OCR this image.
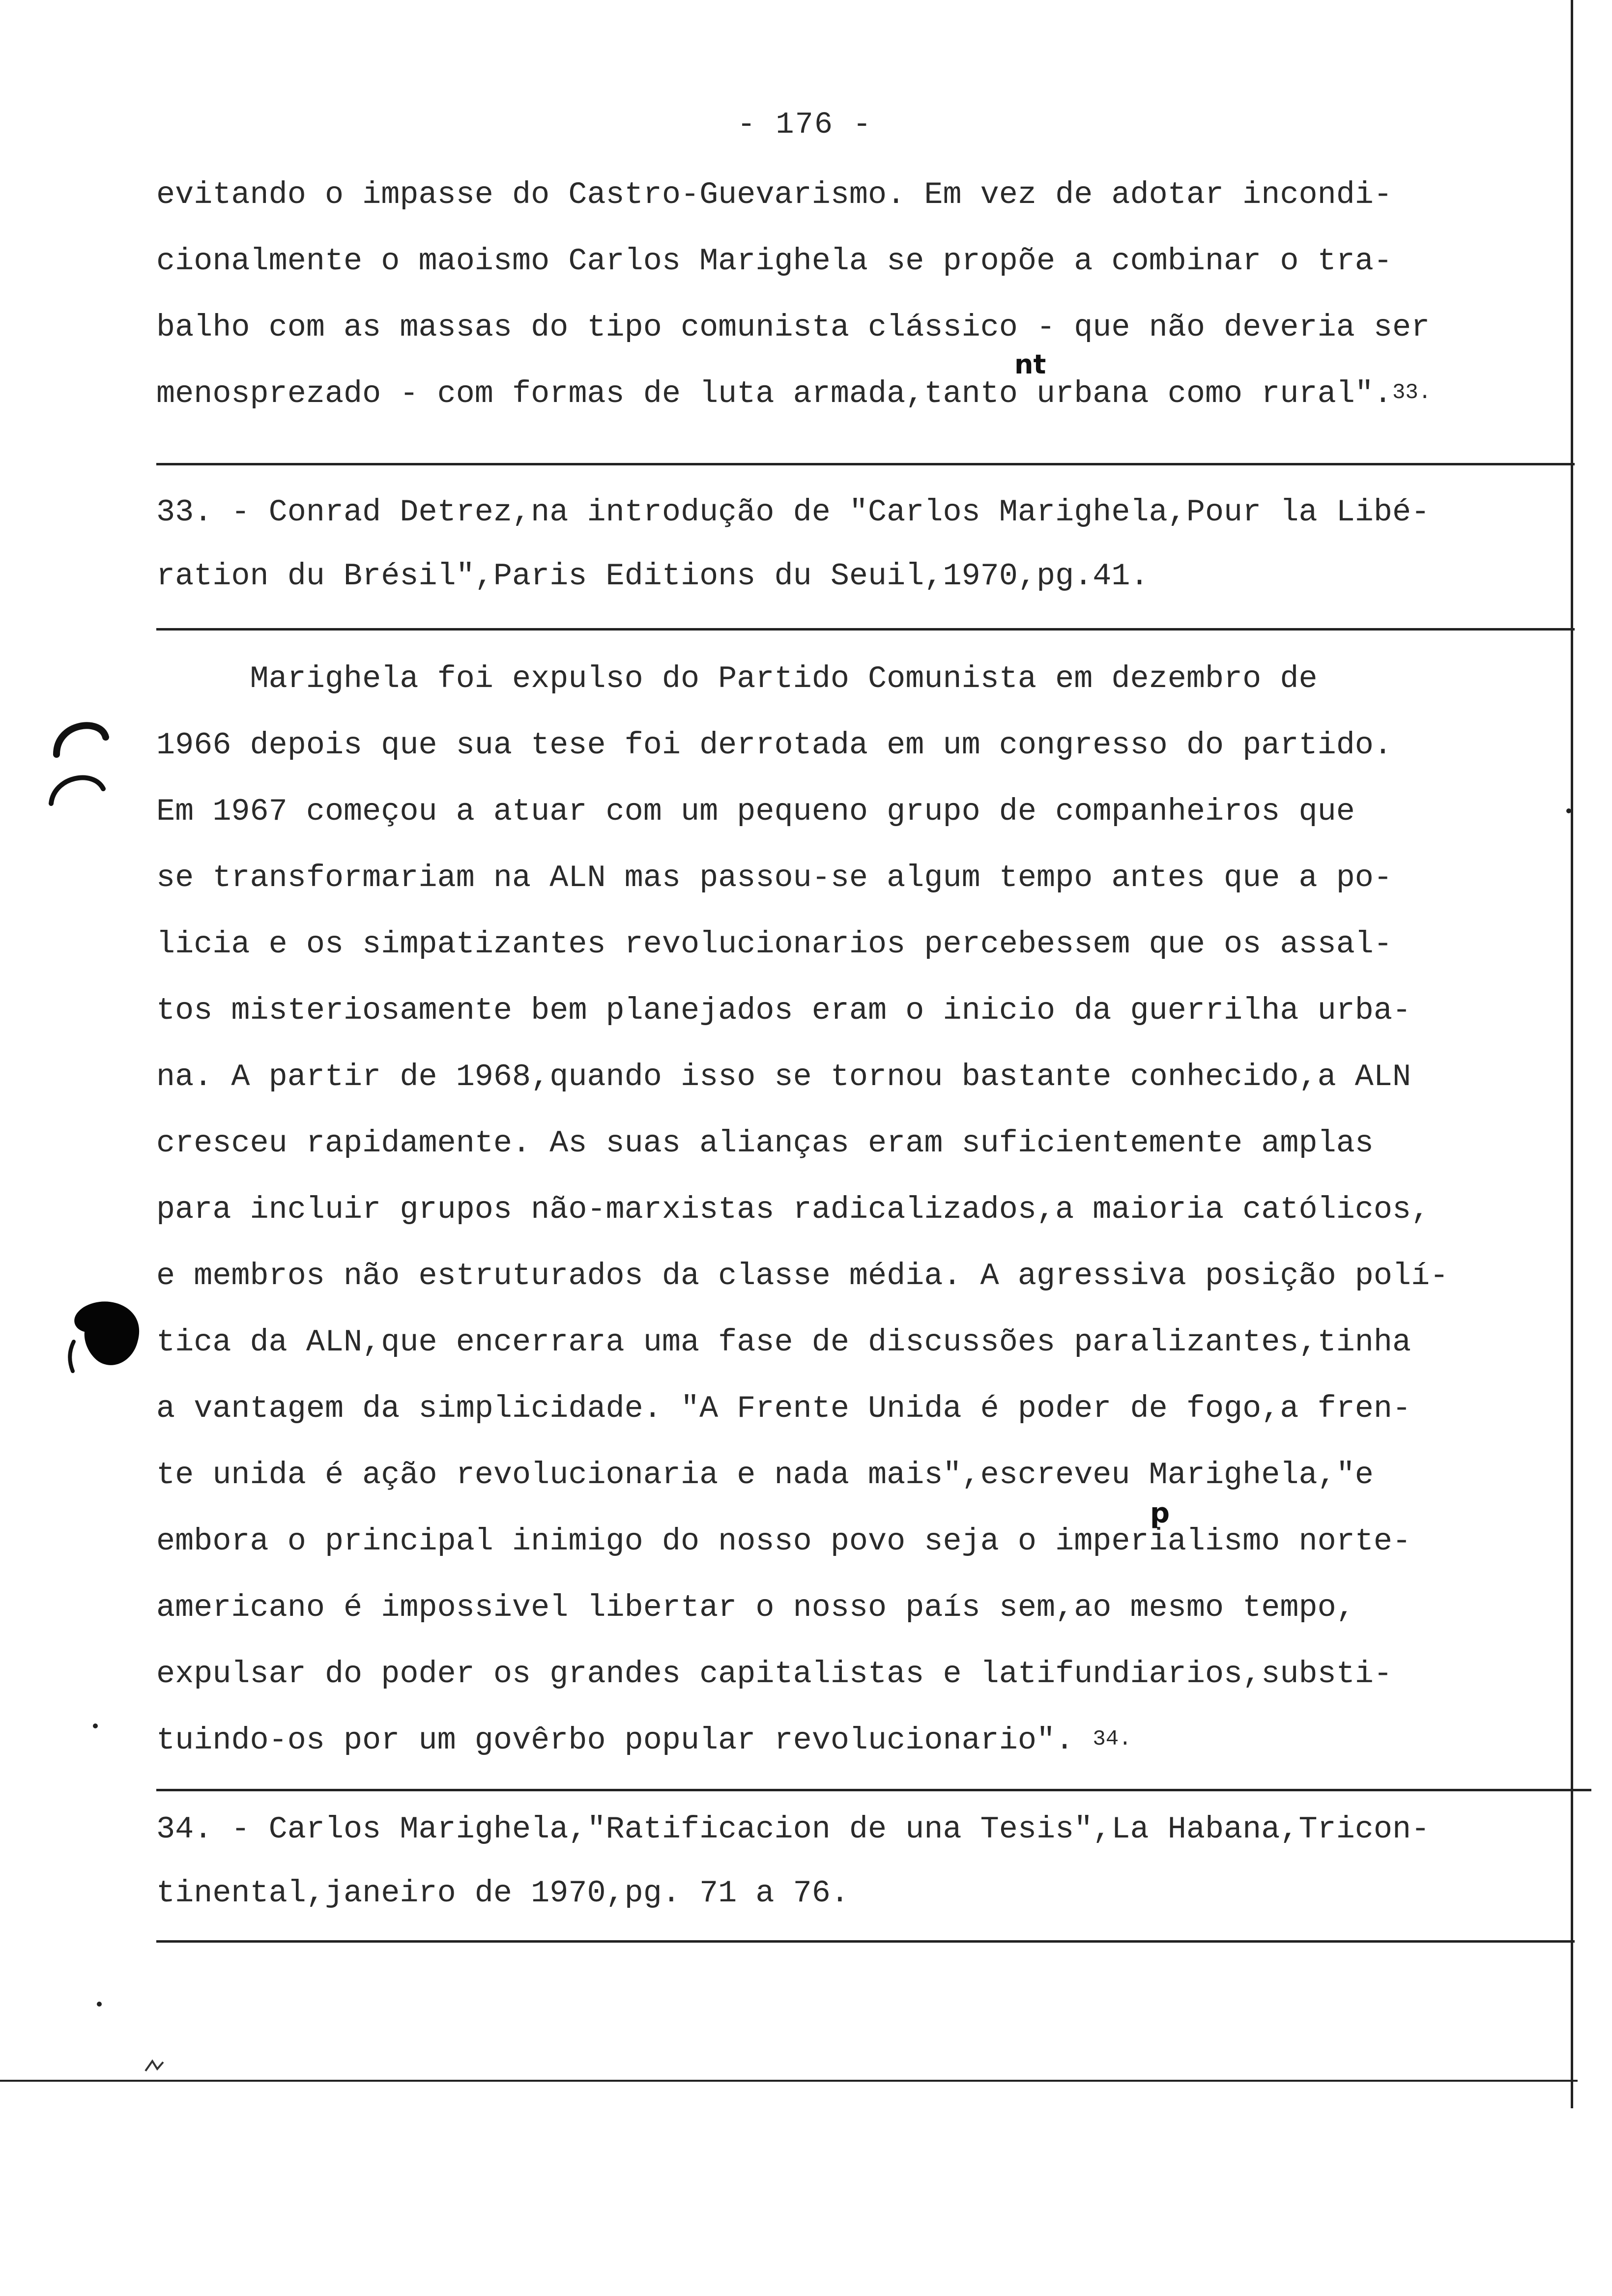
- 176 -
evitando o impasse do Castro-Guevarismo. Em vez de adotar incondi-
cionalmente o maoismo Carlos Marighela se propõe a combinar o tra-
balho com as massas do tipo comunista clássico - que não deveria ser
menosprezado - com formas de luta armada,tanto urbana como rural".$^{33.}$
nt
33. - Conrad Detrez,na introdução de "Carlos Marighela,Pour la Libé-
ration du Brésil",Paris Editions du Seuil,1970,pg.41.
Marighela foi expulso do Partido Comunista em dezembro de
1966 depois que sua tese foi derrotada em um congresso do partido.
Em 1967 começou a atuar com um pequeno grupo de companheiros que
se transformariam na ALN mas passou-se algum tempo antes que a po-
licia e os simpatizantes revolucionarios percebessem que os assal-
tos misteriosamente bem planejados eram o inicio da guerrilha urba-
na. A partir de 1968,quando isso se tornou bastante conhecido,a ALN
cresceu rapidamente. As suas alianças eram suficientemente amplas
para incluir grupos não-marxistas radicalizados,a maioria católicos,
e membros não estruturados da classe média. A agressiva posição polí-
tica da ALN,que encerrara uma fase de discussões paralizantes,tinha
a vantagem da simplicidade. "A Frente Unida é poder de fogo,a fren-
te unida é ação revolucionaria e nada mais",escreveu Marighela,"e
embora o principal inimigo do nosso povo seja o imperialismo norte-
americano é impossivel libertar o nosso país sem,ao mesmo tempo,
expulsar do poder os grandes capitalistas e latifundiarios,substi-
tuindo-os por um govêrbo popular revolucionario". $^{34.}$
p
34. - Carlos Marighela,"Ratificacion de una Tesis",La Habana,Tricon-
tinental,janeiro de 1970,pg. 71 a 76.
